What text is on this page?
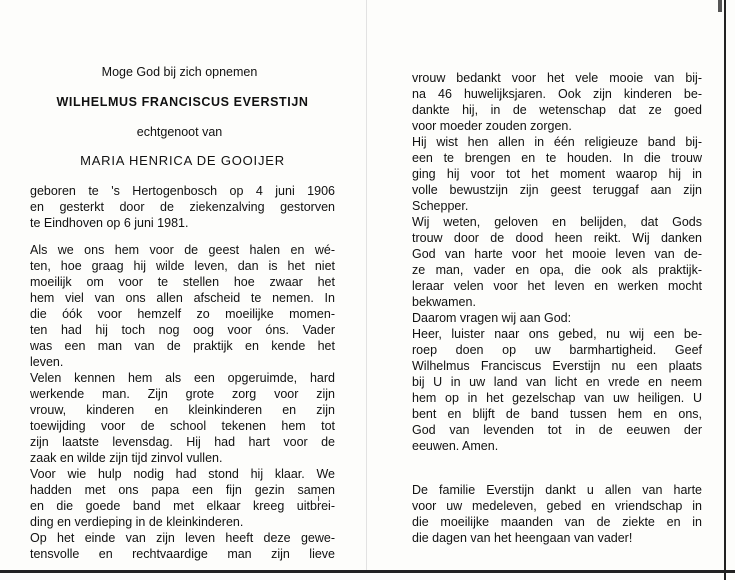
Moge God bij zich opnemen
WILHELMUS FRANCISCUS EVERSTIJN
echtgenoot van
MARIA HENRICA DE GOOIJER
geboren te 's Hertogenbosch op 4 juni 1906
en gesterkt door de ziekenzalving gestorven
te Eindhoven op 6 juni 1981.
Als we ons hem voor de geest halen en wé-
ten, hoe graag hij wilde leven, dan is het niet
moeilijk om voor te stellen hoe zwaar het
hem viel van ons allen afscheid te nemen. In
die óók voor hemzelf zo moeilijke momen-
ten had hij toch nog oog voor óns. Vader
was een man van de praktijk en kende het
leven.
Velen kennen hem als een opgeruimde, hard
werkende man. Zijn grote zorg voor zijn
vrouw, kinderen en kleinkinderen en zijn
toewijding voor de school tekenen hem tot
zijn laatste levensdag. Hij had hart voor de
zaak en wilde zijn tijd zinvol vullen.
Voor wie hulp nodig had stond hij klaar. We
hadden met ons papa een fijn gezin samen
en die goede band met elkaar kreeg uitbrei-
ding en verdieping in de kleinkinderen.
Op het einde van zijn leven heeft deze gewe-
tensvolle en rechtvaardige man zijn lieve
vrouw bedankt voor het vele mooie van bij-
na 46 huwelijksjaren. Ook zijn kinderen be-
dankte hij, in de wetenschap dat ze goed
voor moeder zouden zorgen.
Hij wist hen allen in één religieuze band bij-
een te brengen en te houden. In die trouw
ging hij voor tot het moment waarop hij in
volle bewustzijn zijn geest teruggaf aan zijn
Schepper.
Wij weten, geloven en belijden, dat Gods
trouw door de dood heen reikt. Wij danken
God van harte voor het mooie leven van de-
ze man, vader en opa, die ook als praktijk-
leraar velen voor het leven en werken mocht
bekwamen.
Daarom vragen wij aan God:
Heer, luister naar ons gebed, nu wij een be-
roep doen op uw barmhartigheid. Geef
Wilhelmus Franciscus Everstijn nu een plaats
bij U in uw land van licht en vrede en neem
hem op in het gezelschap van uw heiligen. U
bent en blijft de band tussen hem en ons,
God van levenden tot in de eeuwen der
eeuwen. Amen.
De familie Everstijn dankt u allen van harte
voor uw medeleven, gebed en vriendschap in
die moeilijke maanden van de ziekte en in
die dagen van het heengaan van vader!
